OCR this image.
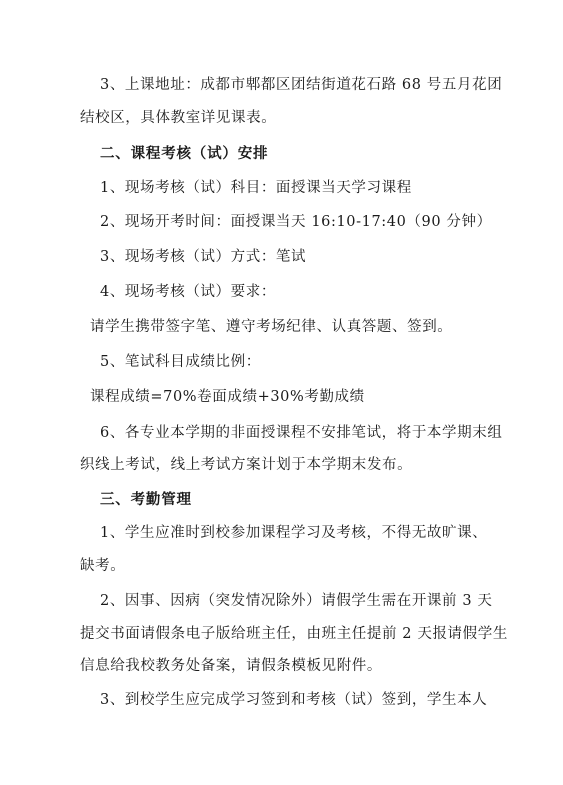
3、上课地址：成都市郫都区团结街道花石路 68 号五月花团
结校区，具体教室详见课表。
二、课程考核（试）安排
1、现场考核（试）科目：面授课当天学习课程
2、现场开考时间：面授课当天 16:10-17:40（90 分钟）
3、现场考核（试）方式：笔试
4、现场考核（试）要求：
请学生携带签字笔、遵守考场纪律、认真答题、签到。
5、笔试科目成绩比例：
课程成绩=70%卷面成绩+30%考勤成绩
6、各专业本学期的非面授课程不安排笔试，将于本学期末组
织线上考试，线上考试方案计划于本学期末发布。
三、考勤管理
1、学生应准时到校参加课程学习及考核，不得无故旷课、
缺考。
2、因事、因病（突发情况除外）请假学生需在开课前 3 天
提交书面请假条电子版给班主任，由班主任提前 2 天报请假学生
信息给我校教务处备案，请假条模板见附件。
3、到校学生应完成学习签到和考核（试）签到，学生本人
